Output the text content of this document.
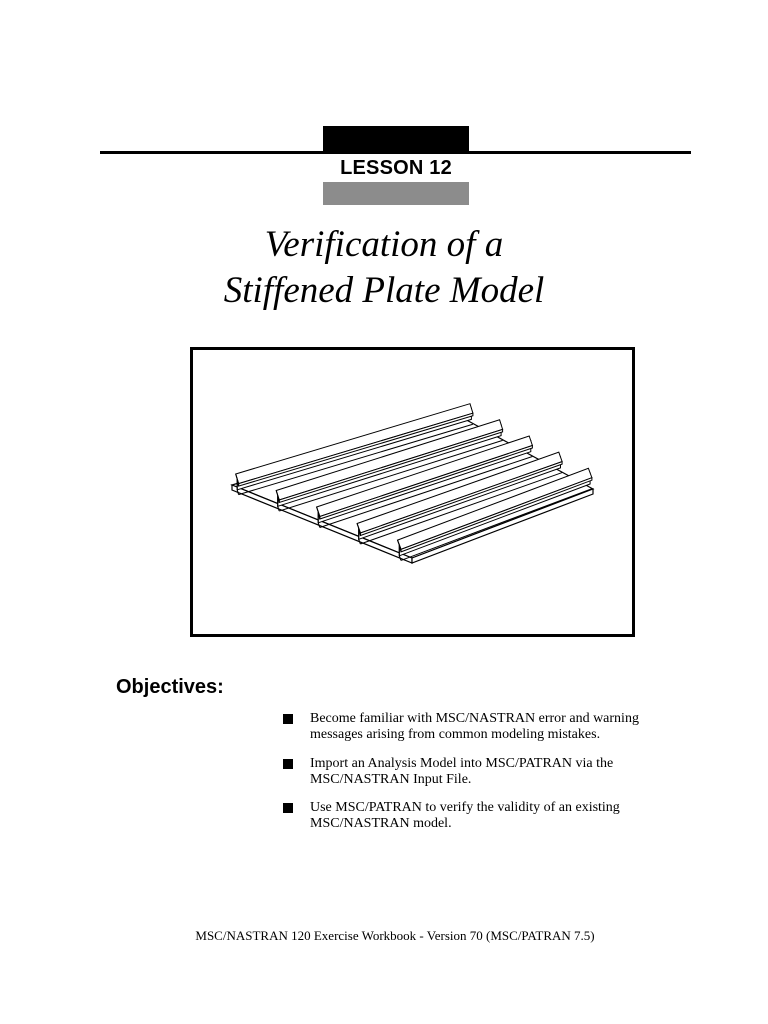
LESSON 12
Verification of a
Stiffened Plate Model
Objectives:
Become familiar with MSC/NASTRAN error and warning messages arising from common modeling mistakes.
Import an Analysis Model into MSC/PATRAN via the MSC/NASTRAN Input File.
Use MSC/PATRAN to verify the validity of an existing MSC/NASTRAN model.
MSC/NASTRAN 120 Exercise Workbook - Version 70 (MSC/PATRAN 7.5)
